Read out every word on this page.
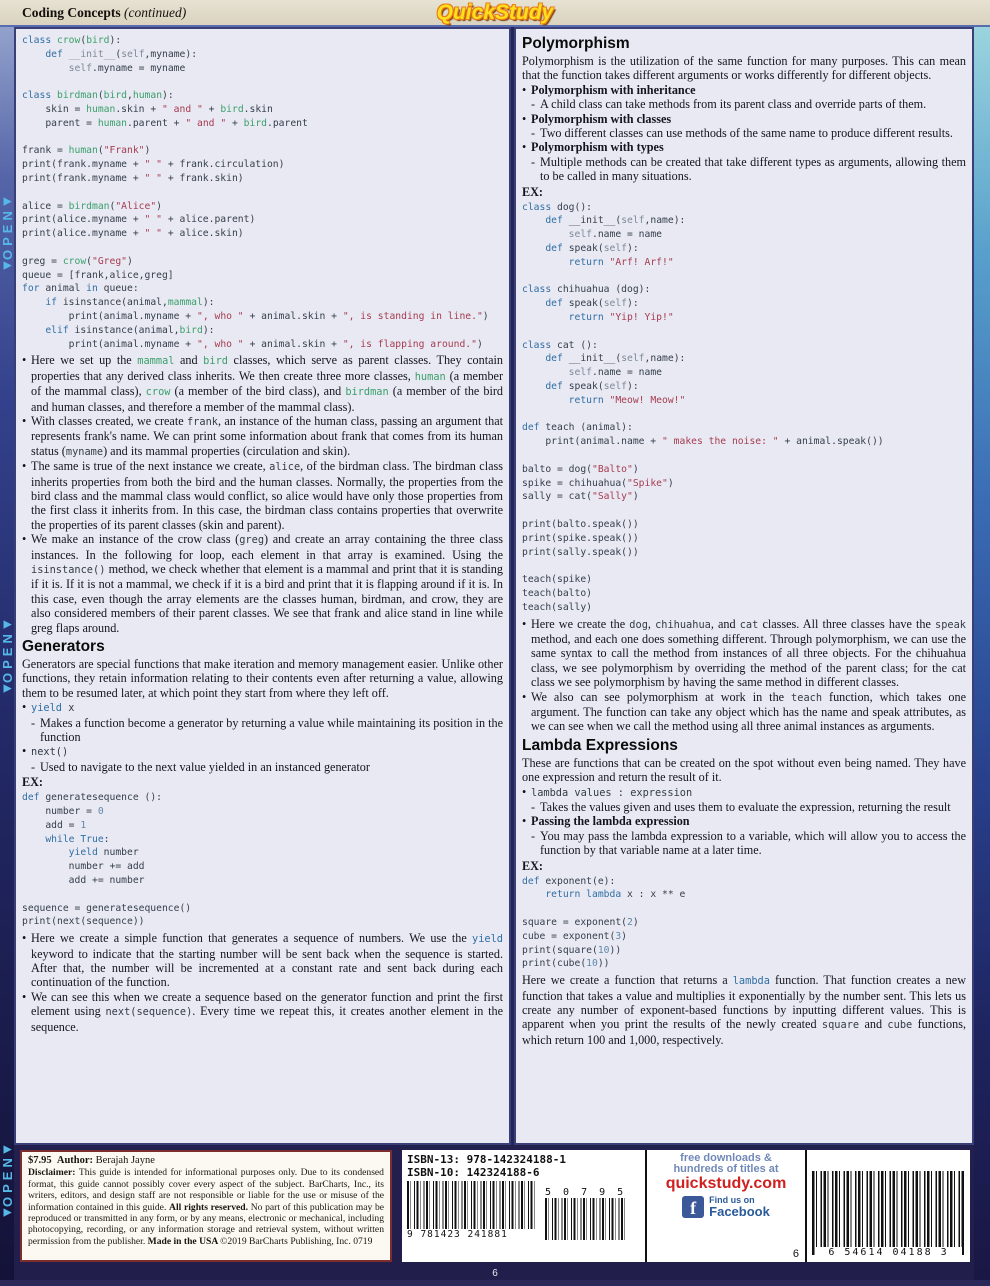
Coding Concepts (continued)	QuickStudy
◀
OPEN
◀
◀
OPEN
◀
◀
OPEN
◀
class crow(bird):
def __init__(self,myname):
self.myname = myname

class birdman(bird,human):
skin = human.skin + " and " + bird.skin
parent = human.parent + " and " + bird.parent

frank = human("Frank")
print(frank.myname + " " + frank.circulation)
print(frank.myname + " " + frank.skin)

alice = birdman("Alice")
print(alice.myname + " " + alice.parent)
print(alice.myname + " " + alice.skin)

greg = crow("Greg")
queue = [frank,alice,greg]
for animal in queue:
if isinstance(animal,mammal):
print(animal.myname + ", who " + animal.skin + ", is standing in line.")
elif isinstance(animal,bird):
print(animal.myname + ", who " + animal.skin + ", is flapping around.")
• Here we set up the mammal and bird classes, which serve as parent classes. They contain properties that any derived class inherits. We then create three more classes, human (a member of the mammal class), crow (a member of the bird class), and birdman (a member of the bird and human classes, and therefore a member of the mammal class).
• With classes created, we create frank, an instance of the human class, passing an argument that represents frank's name. We can print some information about frank that comes from its human status (myname) and its mammal properties (circulation and skin).
• The same is true of the next instance we create, alice, of the birdman class. The birdman class inherits properties from both the bird and the human classes. Normally, the properties from the bird class and the mammal class would conflict, so alice would have only those properties from the first class it inherits from. In this case, the birdman class contains properties that overwrite the properties of its parent classes (skin and parent).
• We make an instance of the crow class (greg) and create an array containing the three class instances. In the following for loop, each element in that array is examined. Using the isinstance() method, we check whether that element is a mammal and print that it is standing if it is. If it is not a mammal, we check if it is a bird and print that it is flapping around if it is. In this case, even though the array elements are the classes human, birdman, and crow, they are also considered members of their parent classes. We see that frank and alice stand in line while greg flaps around.
Generators
Generators are special functions that make iteration and memory management easier. Unlike other functions, they retain information relating to their contents even after returning a value, allowing them to be resumed later, at which point they start from where they left off.
• yield x
- Makes a function become a generator by returning a value while maintaining its position in the function
• next()
- Used to navigate to the next value yielded in an instanced generator
EX:
def generatesequence ():
number = 0
add = 1
while True:
yield number
number += add
add += number

sequence = generatesequence()
print(next(sequence))
• Here we create a simple function that generates a sequence of numbers. We use the yield keyword to indicate that the starting number will be sent back when the sequence is started. After that, the number will be incremented at a constant rate and sent back during each continuation of the function.
• We can see this when we create a sequence based on the generator function and print the first element using next(sequence). Every time we repeat this, it creates another element in the sequence.
Polymorphism
Polymorphism is the utilization of the same function for many purposes. This can mean that the function takes different arguments or works differently for different objects.
• Polymorphism with inheritance
- A child class can take methods from its parent class and override parts of them.
• Polymorphism with classes
- Two different classes can use methods of the same name to produce different results.
• Polymorphism with types
- Multiple methods can be created that take different types as arguments, allowing them to be called in many situations.
EX:
class dog():
def __init__(self,name):
self.name = name
def speak(self):
return "Arf! Arf!"

class chihuahua (dog):
def speak(self):
return "Yip! Yip!"

class cat ():
def __init__(self,name):
self.name = name
def speak(self):
return "Meow! Meow!"

def teach (animal):
print(animal.name + " makes the noise: " + animal.speak())

balto = dog("Balto")
spike = chihuahua("Spike")
sally = cat("Sally")

print(balto.speak())
print(spike.speak())
print(sally.speak())

teach(spike)
teach(balto)
teach(sally)
• Here we create the dog, chihuahua, and cat classes. All three classes have the speak method, and each one does something different. Through polymorphism, we can use the same syntax to call the method from instances of all three objects. For the chihuahua class, we see polymorphism by overriding the method of the parent class; for the cat class we see polymorphism by having the same method in different classes.
• We also can see polymorphism at work in the teach function, which takes one argument. The function can take any object which has the name and speak attributes, as we can see when we call the method using all three animal instances as arguments.
Lambda Expressions
These are functions that can be created on the spot without even being named. They have one expression and return the result of it.
• lambda values : expression
- Takes the values given and uses them to evaluate the expression, returning the result
• Passing the lambda expression
- You may pass the lambda expression to a variable, which will allow you to access the function by that variable name at a later time.
EX:
def exponent(e):
return lambda x : x ** e

square = exponent(2)
cube = exponent(3)
print(square(10))
print(cube(10))
Here we create a function that returns a lambda function. That function creates a new function that takes a value and multiplies it exponentially by the number sent. This lets us create any number of exponent-based functions by inputting different values. This is apparent when you print the results of the newly created square and cube functions, which return 100 and 1,000, respectively.
$7.95 Author: Berajah Jayne
Disclaimer: This guide is intended for informational purposes only. Due to its condensed format, this guide cannot possibly cover every aspect of the subject. BarCharts, Inc., its writers, editors, and design staff are not responsible or liable for the use or misuse of the information contained in this guide. All rights reserved. No part of this publication may be reproduced or transmitted in any form, or by any means, electronic or mechanical, including photocopying, recording, or any information storage and retrieval system, without written permission from the publisher. Made in the USA ©2019 BarCharts Publishing, Inc. 0719
ISBN-13: 978-142324188-1
ISBN-10: 142324188-6
9 781423 241881
5 0 7 9 5
free downloads &
hundreds of titles at
quickstudy.com
f	Find us on
Facebook
6	6 54614 04188 3
6
